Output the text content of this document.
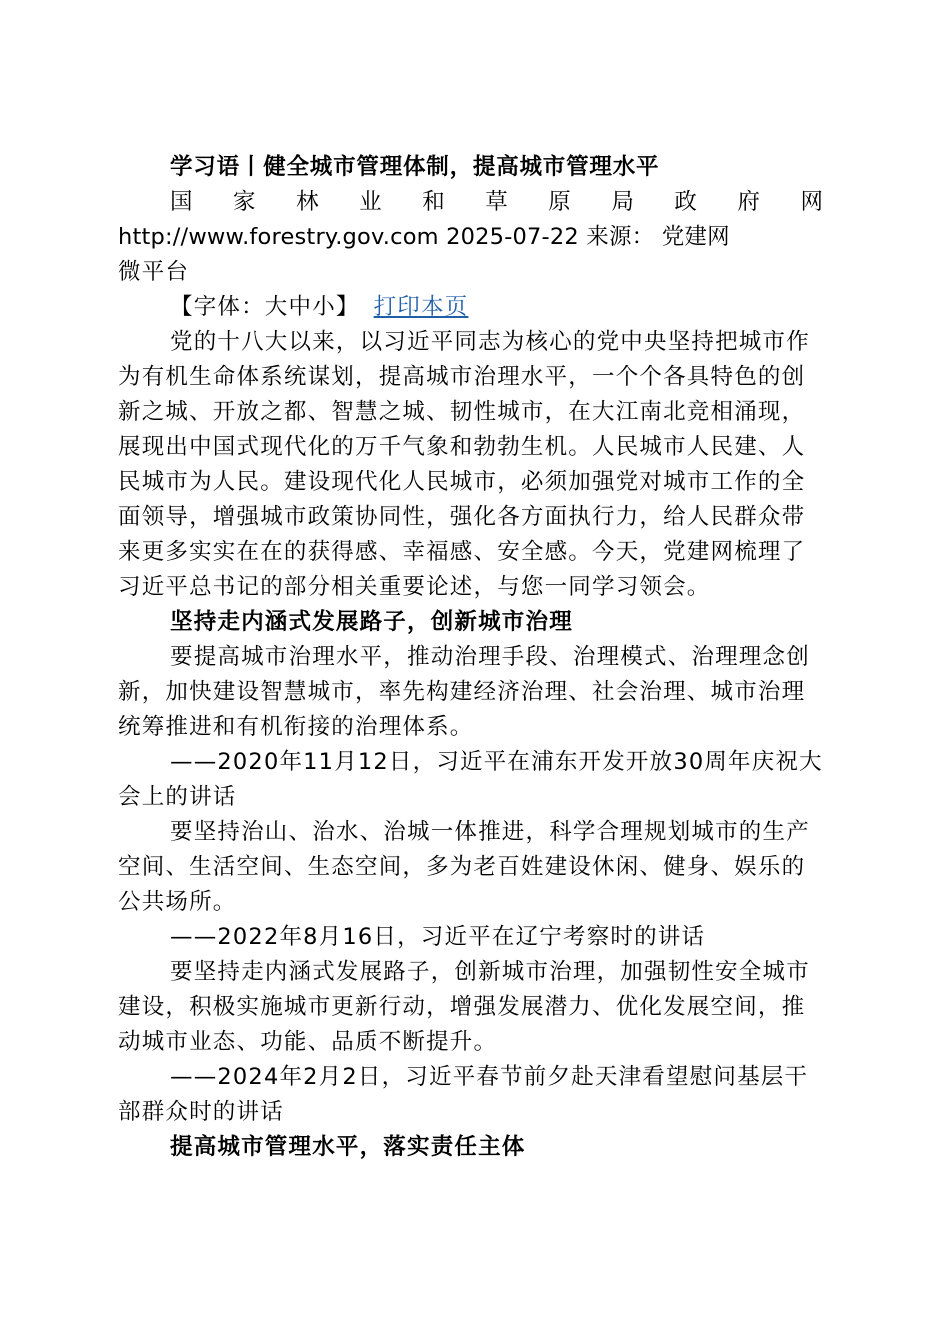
学习语丨健全城市管理体制，提高城市管理水平

国 家 林 业 和 草 原 局 政 府 网

http://www.forestry.gov.com 2025-07-22 来源： 党建网

微平台

【字体：大中小】 打印本页

党的十八大以来，以习近平同志为核心的党中央坚持把城市作为有机生命体系统谋划，提高城市治理水平，一个个各具特色的创新之城、开放之都、智慧之城、韧性城市，在大江南北竞相涌现，展现出中国式现代化的万千气象和勃勃生机。人民城市人民建、人民城市为人民。建设现代化人民城市，必须加强党对城市工作的全面领导，增强城市政策协同性，强化各方面执行力，给人民群众带来更多实实在在的获得感、幸福感、安全感。今天，党建网梳理了习近平总书记的部分相关重要论述，与您一同学习领会。

坚持走内涵式发展路子，创新城市治理

要提高城市治理水平，推动治理手段、治理模式、治理理念创新，加快建设智慧城市，率先构建经济治理、社会治理、城市治理统筹推进和有机衔接的治理体系。

——2020年11月12日，习近平在浦东开发开放30周年庆祝大会上的讲话

要坚持治山、治水、治城一体推进，科学合理规划城市的生产空间、生活空间、生态空间，多为老百姓建设休闲、健身、娱乐的公共场所。

——2022年8月16日，习近平在辽宁考察时的讲话

要坚持走内涵式发展路子，创新城市治理，加强韧性安全城市建设，积极实施城市更新行动，增强发展潜力、优化发展空间，推动城市业态、功能、品质不断提升。

——2024年2月2日，习近平春节前夕赴天津看望慰问基层干部群众时的讲话

提高城市管理水平，落实责任主体
